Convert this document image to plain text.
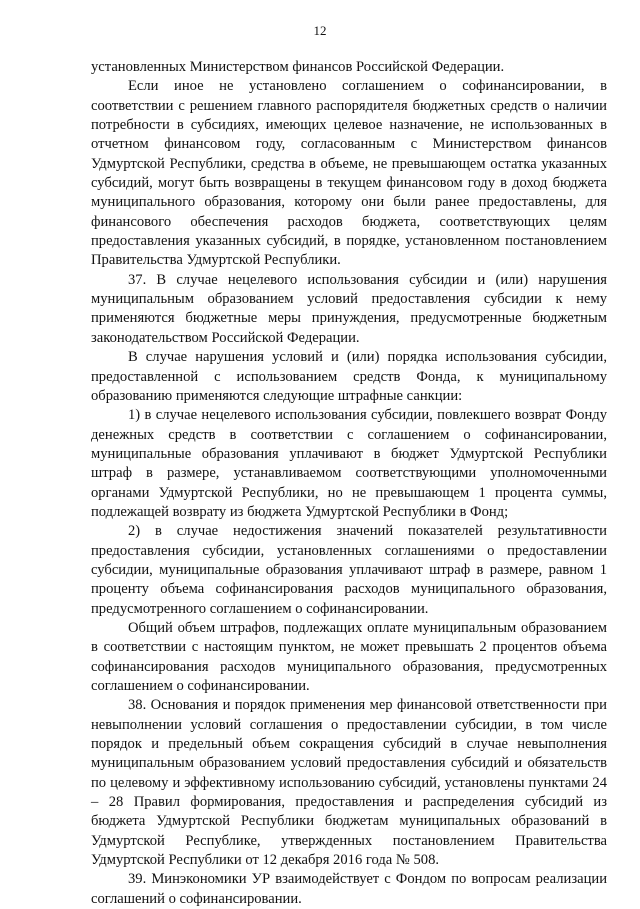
12

установленных Министерством финансов Российской Федерации.

Если иное не установлено соглашением о софинансировании, в соответствии с решением главного распорядителя бюджетных средств о наличии потребности в субсидиях, имеющих целевое назначение, не использованных в отчетном финансовом году, согласованным с Министерством финансов Удмуртской Республики, средства в объеме, не превышающем остатка указанных субсидий, могут быть возвращены в текущем финансовом году в доход бюджета муниципального образования, которому они были ранее предоставлены, для финансового обеспечения расходов бюджета, соответствующих целям предоставления указанных субсидий, в порядке, установленном постановлением Правительства Удмуртской Республики.

37. В случае нецелевого использования субсидии и (или) нарушения муниципальным образованием условий предоставления субсидии к нему применяются бюджетные меры принуждения, предусмотренные бюджетным законодательством Российской Федерации.

В случае нарушения условий и (или) порядка использования субсидии, предоставленной с использованием средств Фонда, к муниципальному образованию применяются следующие штрафные санкции:

1) в случае нецелевого использования субсидии, повлекшего возврат Фонду денежных средств в соответствии с соглашением о софинансировании, муниципальные образования уплачивают в бюджет Удмуртской Республики штраф в размере, устанавливаемом соответствующими уполномоченными органами Удмуртской Республики, но не превышающем 1 процента суммы, подлежащей возврату из бюджета Удмуртской Республики в Фонд;

2) в случае недостижения значений показателей результативности предоставления субсидии, установленных соглашениями о предоставлении субсидии, муниципальные образования уплачивают штраф в размере, равном 1 проценту объема софинансирования расходов муниципального образования, предусмотренного соглашением о софинансировании.

Общий объем штрафов, подлежащих оплате муниципальным образованием в соответствии с настоящим пунктом, не может превышать 2 процентов объема софинансирования расходов муниципального образования, предусмотренных соглашением о софинансировании.

38. Основания и порядок применения мер финансовой ответственности при невыполнении условий соглашения о предоставлении субсидии, в том числе порядок и предельный объем сокращения субсидий в случае невыполнения муниципальным образованием условий предоставления субсидий и обязательств по целевому и эффективному использованию субсидий, установлены пунктами 24 – 28 Правил формирования, предоставления и распределения субсидий из бюджета Удмуртской Республики бюджетам муниципальных образований в Удмуртской Республике, утвержденных постановлением Правительства Удмуртской Республики от 12 декабря 2016 года № 508.

39. Минэкономики УР взаимодействует с Фондом по вопросам реализации соглашений о софинансировании.
